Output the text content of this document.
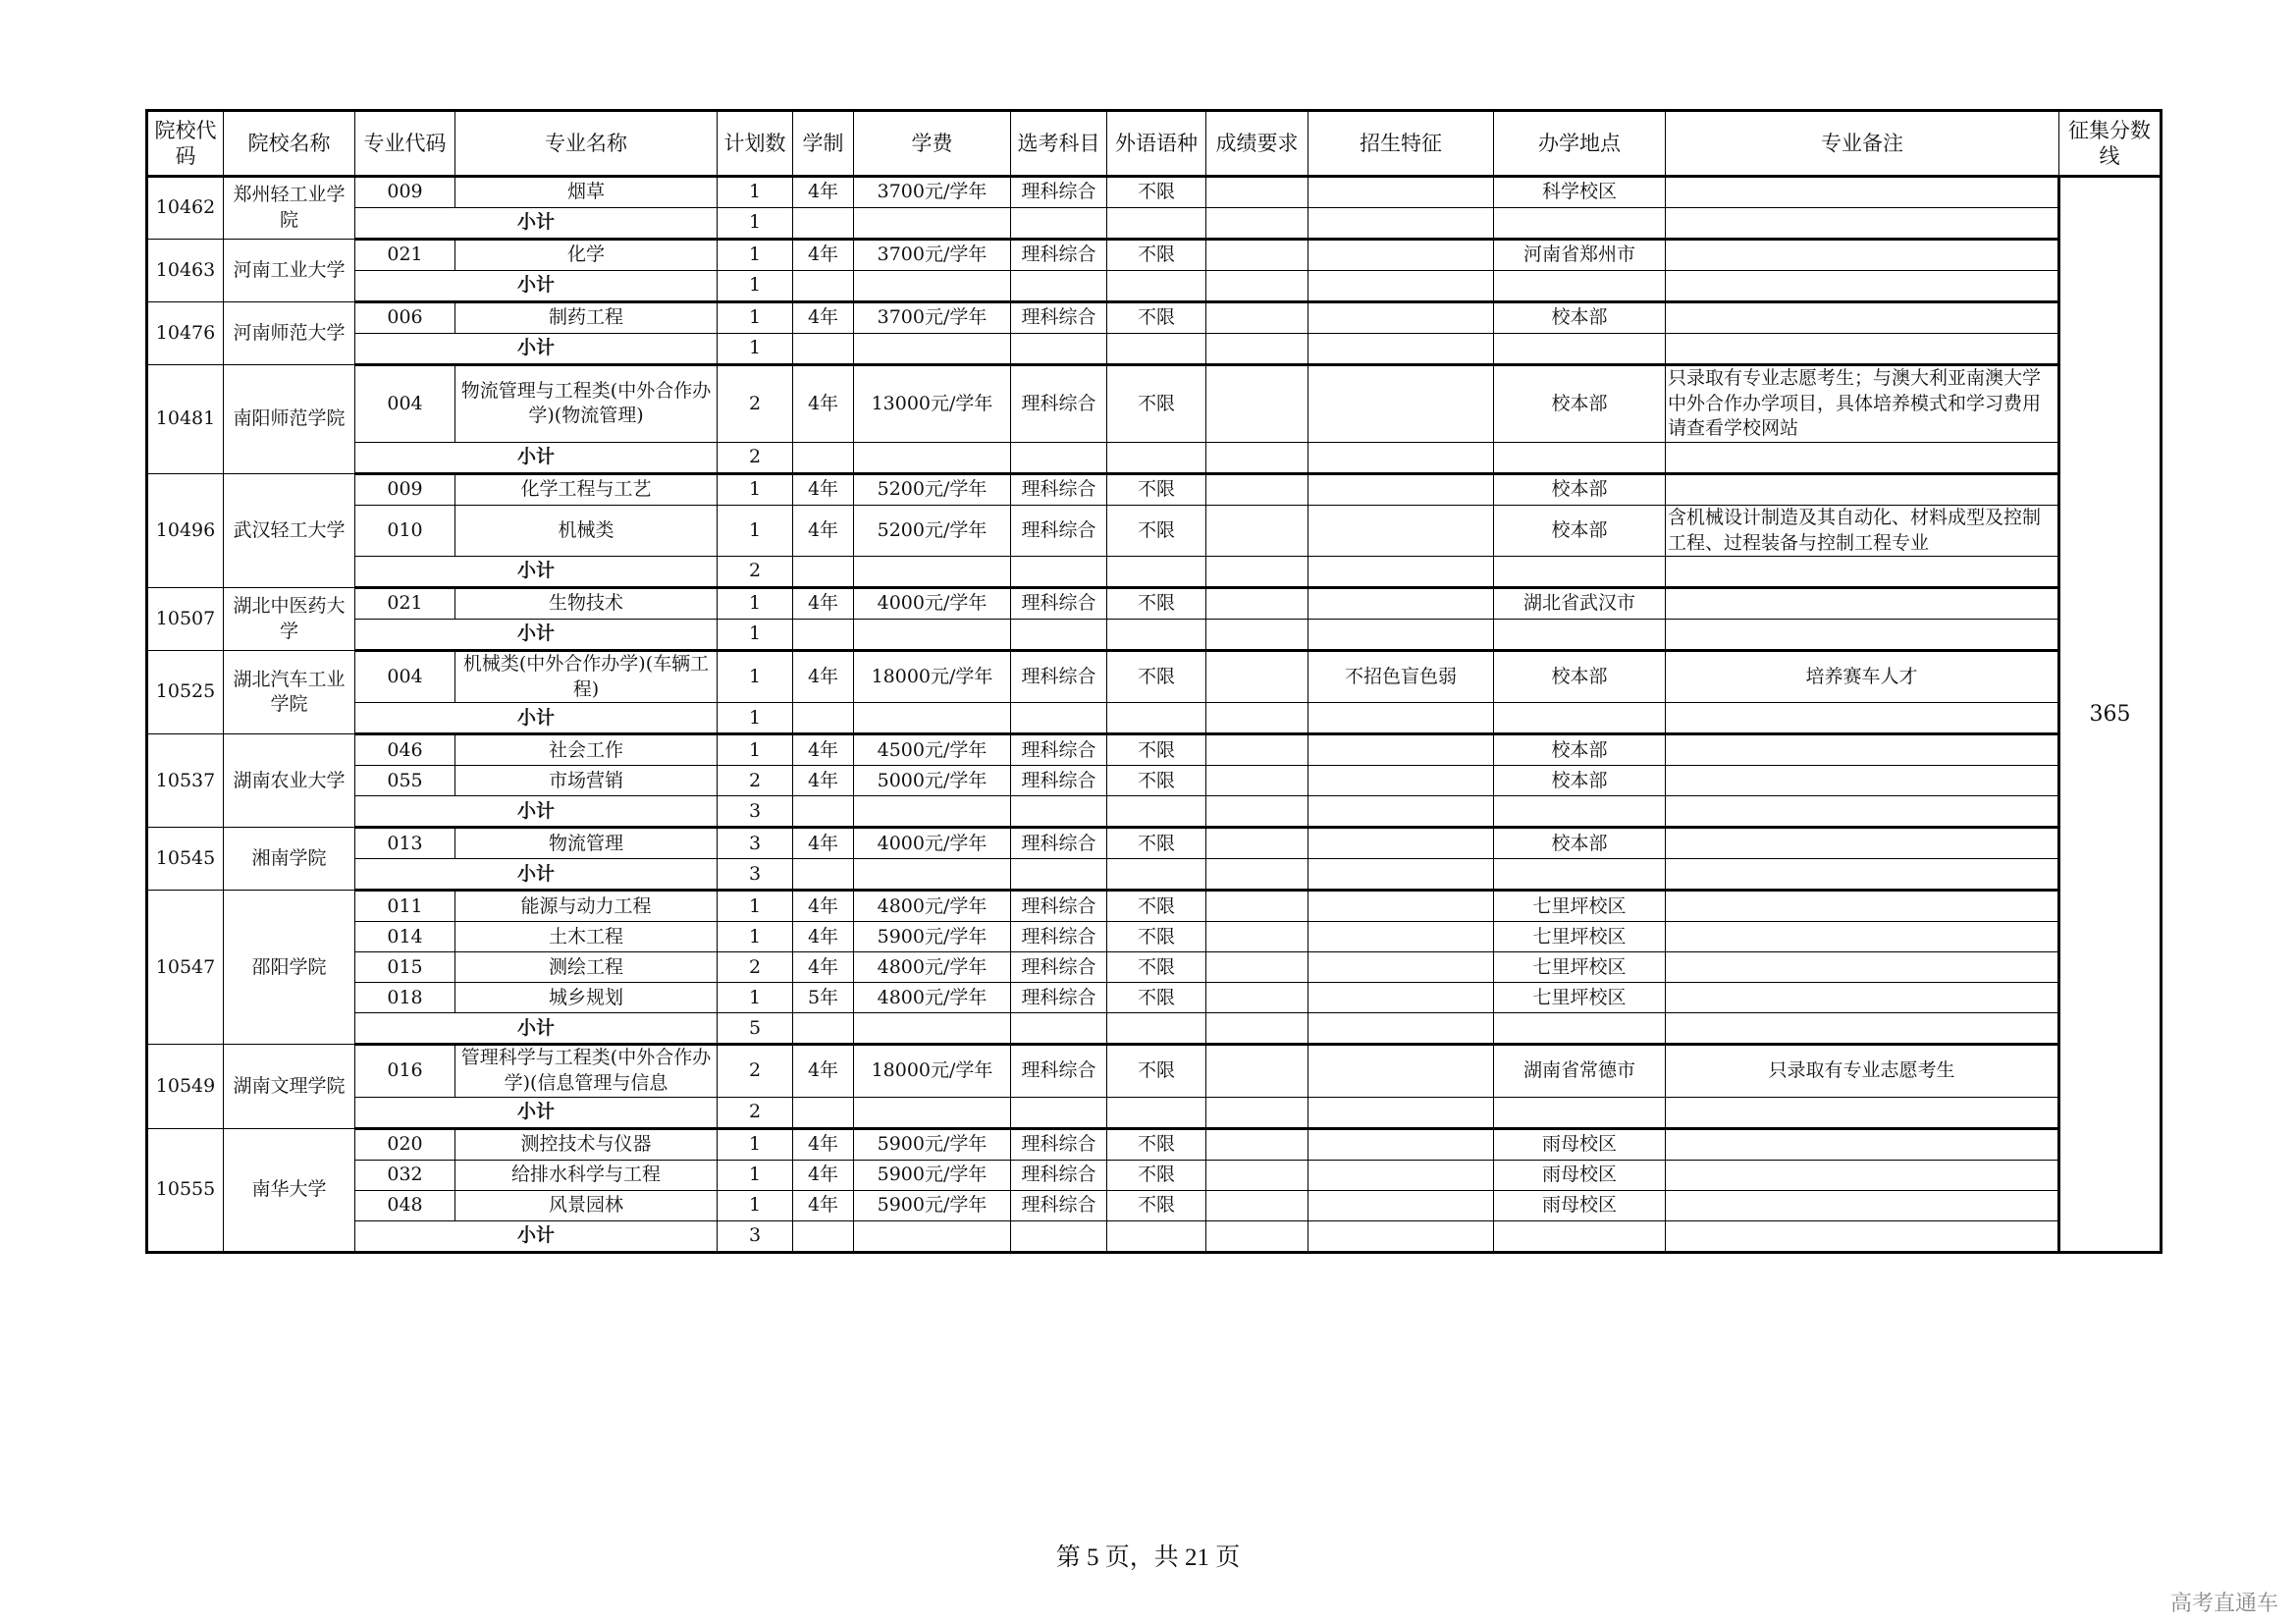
院校代码	院校名称	专业代码	专业名称	计划数	学制	学费	选考科目	外语语种	成绩要求	招生特征	办学地点	专业备注	征集分数线
10462	郑州轻工业学院	009	烟草	1	4年	3700元/学年	理科综合	不限			科学校区		365
		小计		1									
10463	河南工业大学	021	化学	1	4年	3700元/学年	理科综合	不限			河南省郑州市		
		小计		1									
10476	河南师范大学	006	制药工程	1	4年	3700元/学年	理科综合	不限			校本部		
		小计		1									
10481	南阳师范学院	004	物流管理与工程类(中外合作办学)(物流管理)	2	4年	13000元/学年	理科综合	不限			校本部	只录取有专业志愿考生；与澳大利亚南澳大学中外合作办学项目，具体培养模式和学习费用请查看学校网站	
		小计		2									
10496	武汉轻工大学	009	化学工程与工艺	1	4年	5200元/学年	理科综合	不限			校本部		
		010	机械类	1	4年	5200元/学年	理科综合	不限			校本部	含机械设计制造及其自动化、材料成型及控制工程、过程装备与控制工程专业	
		小计		2									
10507	湖北中医药大学	021	生物技术	1	4年	4000元/学年	理科综合	不限			湖北省武汉市		
		小计		1									
10525	湖北汽车工业学院	004	机械类(中外合作办学)(车辆工程)	1	4年	18000元/学年	理科综合	不限		不招色盲色弱	校本部	培养赛车人才	
		小计		1									
10537	湖南农业大学	046	社会工作	1	4年	4500元/学年	理科综合	不限			校本部		
		055	市场营销	2	4年	5000元/学年	理科综合	不限			校本部		
		小计		3									
10545	湘南学院	013	物流管理	3	4年	4000元/学年	理科综合	不限			校本部		
		小计		3									
10547	邵阳学院	011	能源与动力工程	1	4年	4800元/学年	理科综合	不限			七里坪校区		
		014	土木工程	1	4年	5900元/学年	理科综合	不限			七里坪校区		
		015	测绘工程	2	4年	4800元/学年	理科综合	不限			七里坪校区		
		018	城乡规划	1	5年	4800元/学年	理科综合	不限			七里坪校区		
		小计		5									
10549	湖南文理学院	016	管理科学与工程类(中外合作办学)(信息管理与信息	2	4年	18000元/学年	理科综合	不限			湖南省常德市	只录取有专业志愿考生	
		小计		2									
10555	南华大学	020	测控技术与仪器	1	4年	5900元/学年	理科综合	不限			雨母校区		
		032	给排水科学与工程	1	4年	5900元/学年	理科综合	不限			雨母校区		
		048	风景园林	1	4年	5900元/学年	理科综合	不限			雨母校区		
		小计		3									
第 5 页，共 21 页
高考直通车
